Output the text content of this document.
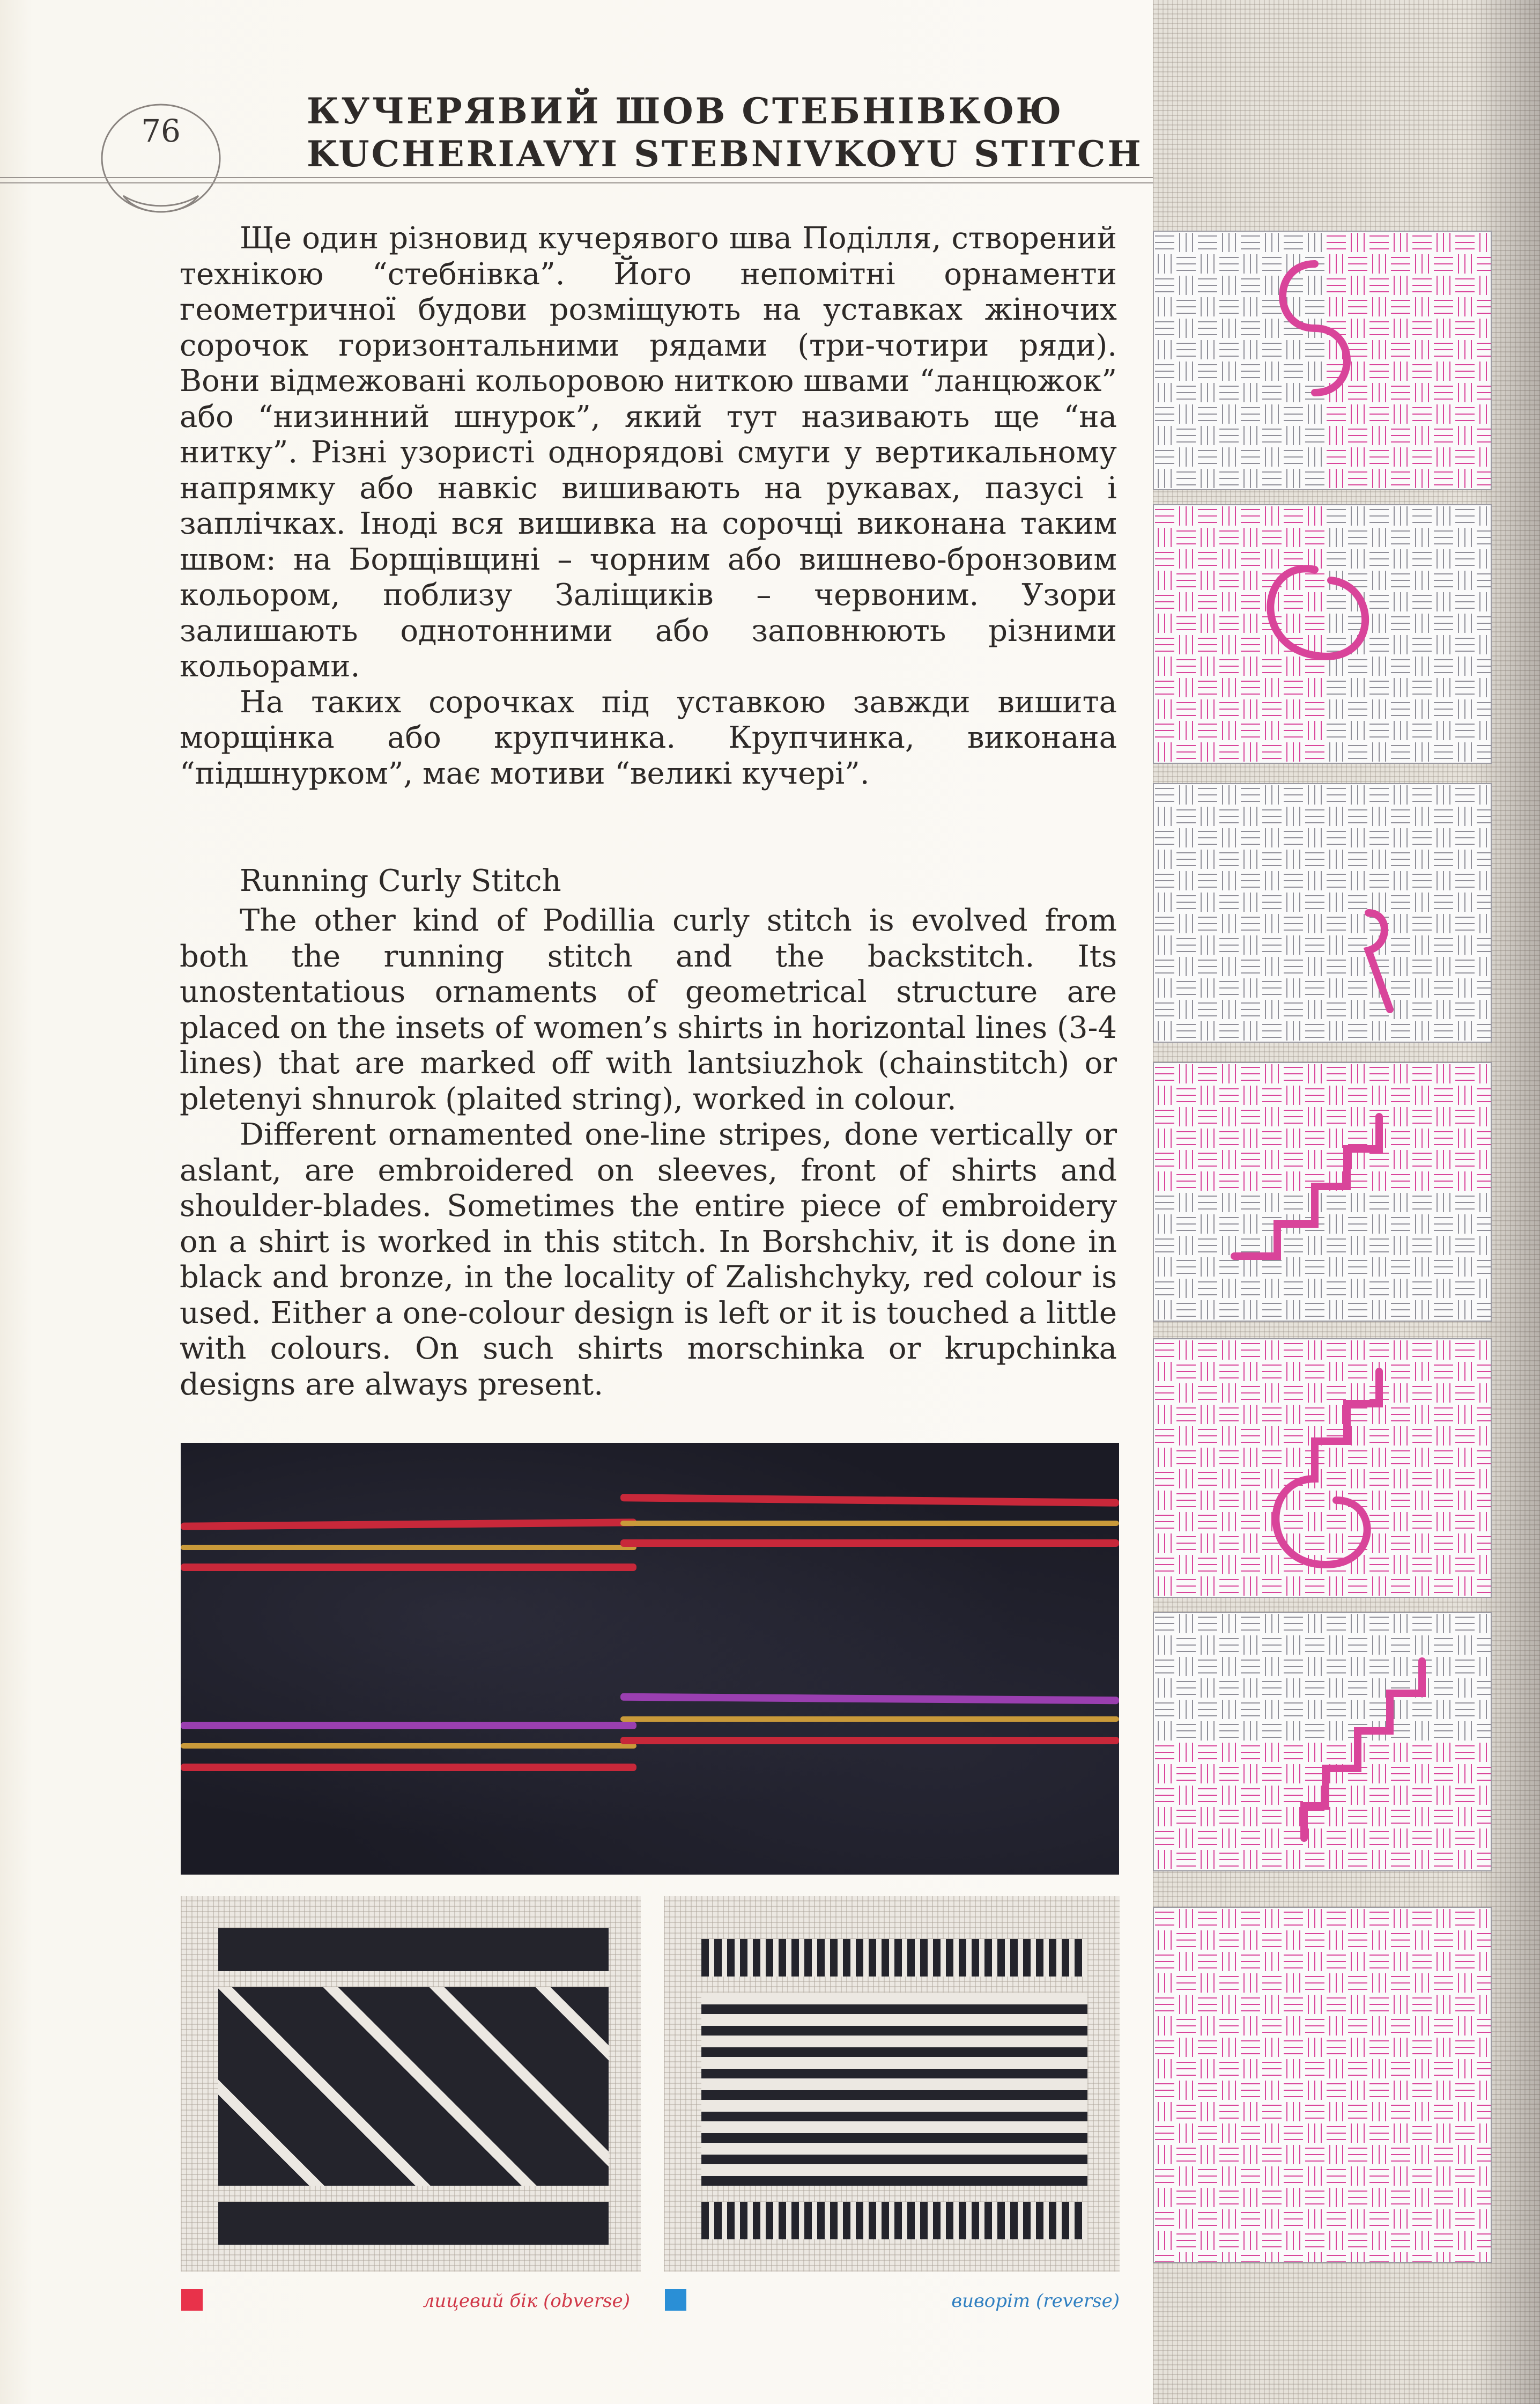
76	КУЧЕРЯВИЙ ШОВ СТЕБНІВКОЮ
KUCHERIAVYI STEBNIVKOYU STITCH

Ще один різновид кучерявого шва Поділля, створений технікою “стебнівка”. Його непомітні орнаменти геометричної будови розміщують на уставках жіночих сорочок горизонтальними рядами (три-чотири ряди). Вони відмежовані кольоровою ниткою швами “ланцюжок” або “низинний шнурок”, який тут називають ще “на нитку”. Різні узористі однорядові смуги у вертикальному напрямку або навкіс вишивають на рукавах, пазусі і заплічках. Іноді вся вишивка на сорочці виконана таким швом: на Борщівщині – чорним або вишнево-бронзовим кольором, поблизу Заліщиків – червоним. Узори залишають однотонними або заповнюють різними кольорами.

На таких сорочках під уставкою завжди вишита морщінка або крупчинка. Крупчинка, виконана “підшнурком”, має мотиви “великі кучері”.

Running Curly Stitch

The other kind of Podillia curly stitch is evolved from both the running stitch and the backstitch. Its unostentatious ornaments of geometrical structure are placed on the insets of women’s shirts in horizontal lines (3-4 lines) that are marked off with lantsiuzhok (chainstitch) or pletenyi shnurok (plaited string), worked in colour.

Different ornamented one-line stripes, done vertically or aslant, are embroidered on sleeves, front of shirts and shoulder-blades. Sometimes the entire piece of embroidery on a shirt is worked in this stitch. In Borshchiv, it is done in black and bronze, in the locality of Zalishchyky, red colour is used. Either a one-colour design is left or it is touched a little with colours. On such shirts morschinka or krupchinka designs are always present.

лицевий бік (obverse)	виворіт (reverse)
